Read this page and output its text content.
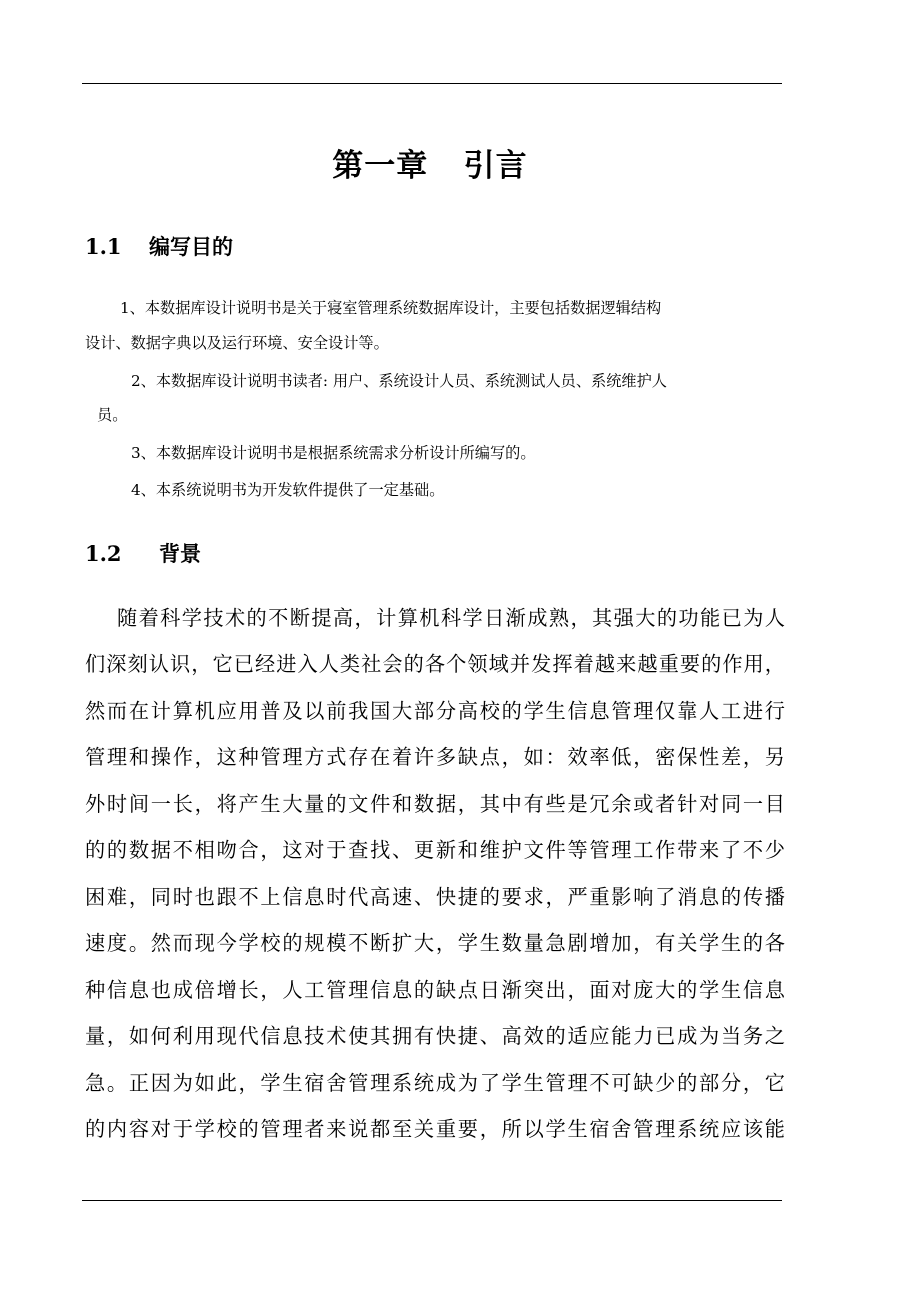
第一章   引言
1.1 编写目的
1、本数据库设计说明书是关于寝室管理系统数据库设计，主要包括数据逻辑结构
设计、数据字典以及运行环境、安全设计等。
2、本数据库设计说明书读者: 用户、系统设计人员、系统测试人员、系统维护人
员。
3、本数据库设计说明书是根据系统需求分析设计所编写的。
4、本系统说明书为开发软件提供了一定基础。
1.2 背景
随着科学技术的不断提高，计算机科学日渐成熟，其强大的功能已为人
们深刻认识，它已经进入人类社会的各个领域并发挥着越来越重要的作用，
然而在计算机应用普及以前我国大部分高校的学生信息管理仅靠人工进行
管理和操作，这种管理方式存在着许多缺点，如：效率低，密保性差，另
外时间一长，将产生大量的文件和数据，其中有些是冗余或者针对同一目
的的数据不相吻合，这对于查找、更新和维护文件等管理工作带来了不少
困难，同时也跟不上信息时代高速、快捷的要求，严重影响了消息的传播
速度。然而现今学校的规模不断扩大，学生数量急剧增加，有关学生的各
种信息也成倍增长，人工管理信息的缺点日渐突出，面对庞大的学生信息
量，如何利用现代信息技术使其拥有快捷、高效的适应能力已成为当务之
急。正因为如此，学生宿舍管理系统成为了学生管理不可缺少的部分，它
的内容对于学校的管理者来说都至关重要，所以学生宿舍管理系统应该能
